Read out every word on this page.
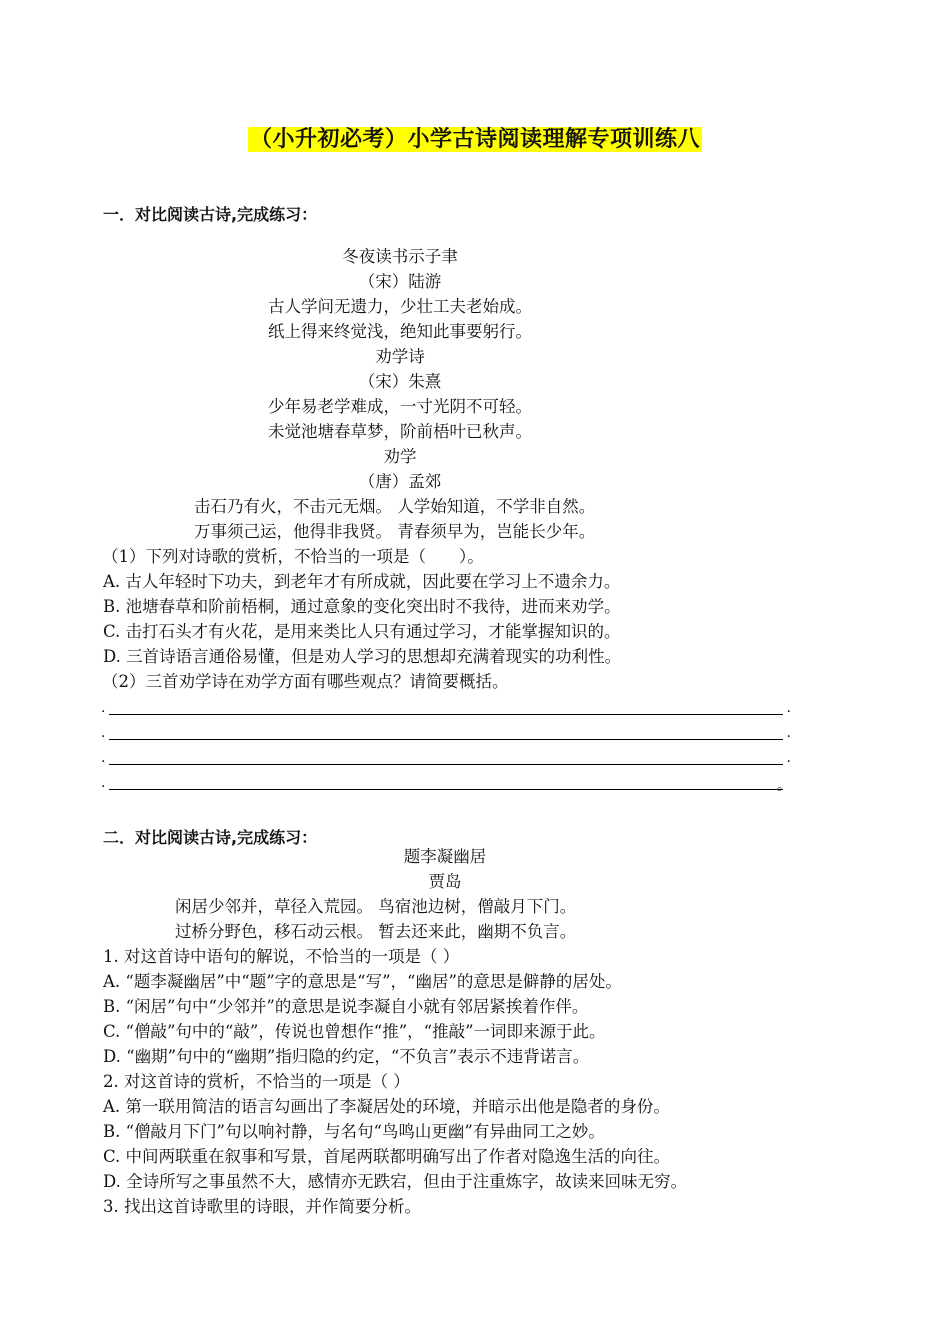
（小升初必考）小学古诗阅读理解专项训练八
一．对比阅读古诗,完成练习：
冬夜读书示子聿
（宋）陆游
古人学问无遗力，少壮工夫老始成。
纸上得来终觉浅，绝知此事要躬行。
劝学诗
（宋）朱熹
少年易老学难成，一寸光阴不可轻。
未觉池塘春草梦，阶前梧叶已秋声。
劝学
（唐）孟郊
击石乃有火，不击元无烟。 人学始知道，不学非自然。
万事须己运，他得非我贤。 青春须早为，岂能长少年。
（1）下列对诗歌的赏析，不恰当的一项是（　　）。
A. 古人年轻时下功夫，到老年才有所成就，因此要在学习上不遗余力。
B. 池塘春草和阶前梧桐，通过意象的变化突出时不我待，进而来劝学。
C. 击打石头才有火花，是用来类比人只有通过学习，才能掌握知识的。
D. 三首诗语言通俗易懂，但是劝人学习的思想却充满着现实的功利性。
（2）三首劝学诗在劝学方面有哪些观点？请简要概括。
.	.
.	.
.	.
.	。
二．对比阅读古诗,完成练习：
题李凝幽居
贾岛
闲居少邻并，草径入荒园。 鸟宿池边树，僧敲月下门。
过桥分野色，移石动云根。 暂去还来此，幽期不负言。
1. 对这首诗中语句的解说，不恰当的一项是（ ）
A. “题李凝幽居”中“题”字的意思是“写”，“幽居”的意思是僻静的居处。
B. “闲居”句中“少邻并”的意思是说李凝自小就有邻居紧挨着作伴。
C. “僧敲”句中的“敲”，传说也曾想作“推”，“推敲”一词即来源于此。
D. “幽期”句中的“幽期”指归隐的约定，“不负言”表示不违背诺言。
2. 对这首诗的赏析，不恰当的一项是（ ）
A. 第一联用简洁的语言勾画出了李凝居处的环境，并暗示出他是隐者的身份。
B. “僧敲月下门”句以响衬静，与名句“鸟鸣山更幽”有异曲同工之妙。
C. 中间两联重在叙事和写景，首尾两联都明确写出了作者对隐逸生活的向往。
D. 全诗所写之事虽然不大，感情亦无跌宕，但由于注重炼字，故读来回味无穷。
3. 找出这首诗歌里的诗眼，并作简要分析。
